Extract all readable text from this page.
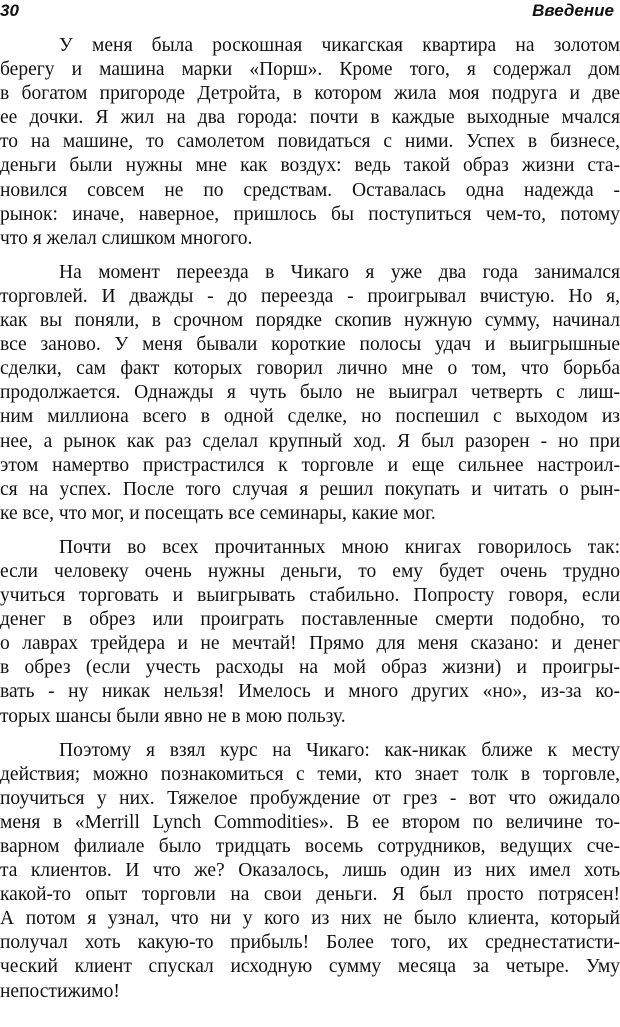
30	Введение
У меня была роскошная чикагская квартира на золотом
берегу и машина марки «Порш». Кроме того, я содержал дом
в богатом пригороде Детройта, в котором жила моя подруга и две
ее дочки. Я жил на два города: почти в каждые выходные мчался
то на машине, то самолетом повидаться с ними. Успех в бизнесе,
деньги были нужны мне как воздух: ведь такой образ жизни ста-
новился совсем не по средствам. Оставалась одна надежда -
рынок: иначе, наверное, пришлось бы поступиться чем-то, потому
что я желал слишком многого.
На момент переезда в Чикаго я уже два года занимался
торговлей. И дважды - до переезда - проигрывал вчистую. Но я,
как вы поняли, в срочном порядке скопив нужную сумму, начинал
все заново. У меня бывали короткие полосы удач и выигрышные
сделки, сам факт которых говорил лично мне о том, что борьба
продолжается. Однажды я чуть было не выиграл четверть с лиш-
ним миллиона всего в одной сделке, но поспешил с выходом из
нее, а рынок как раз сделал крупный ход. Я был разорен - но при
этом намертво пристрастился к торговле и еще сильнее настроил-
ся на успех. После того случая я решил покупать и читать о рын-
ке все, что мог, и посещать все семинары, какие мог.
Почти во всех прочитанных мною книгах говорилось так:
если человеку очень нужны деньги, то ему будет очень трудно
учиться торговать и выигрывать стабильно. Попросту говоря, если
денег в обрез или проиграть поставленные смерти подобно, то
о лаврах трейдера и не мечтай! Прямо для меня сказано: и денег
в обрез (если учесть расходы на мой образ жизни) и проигры-
вать - ну никак нельзя! Имелось и много других «но», из-за ко-
торых шансы были явно не в мою пользу.
Поэтому я взял курс на Чикаго: как-никак ближе к месту
действия; можно познакомиться с теми, кто знает толк в торговле,
поучиться у них. Тяжелое пробуждение от грез - вот что ожидало
меня в «Merrill Lynch Commodities». В ее втором по величине то-
варном филиале было тридцать восемь сотрудников, ведущих сче-
та клиентов. И что же? Оказалось, лишь один из них имел хоть
какой-то опыт торговли на свои деньги. Я был просто потрясен!
А потом я узнал, что ни у кого из них не было клиента, который
получал хоть какую-то прибыль! Более того, их среднестатисти-
ческий клиент спускал исходную сумму месяца за четыре. Уму
непостижимо!
